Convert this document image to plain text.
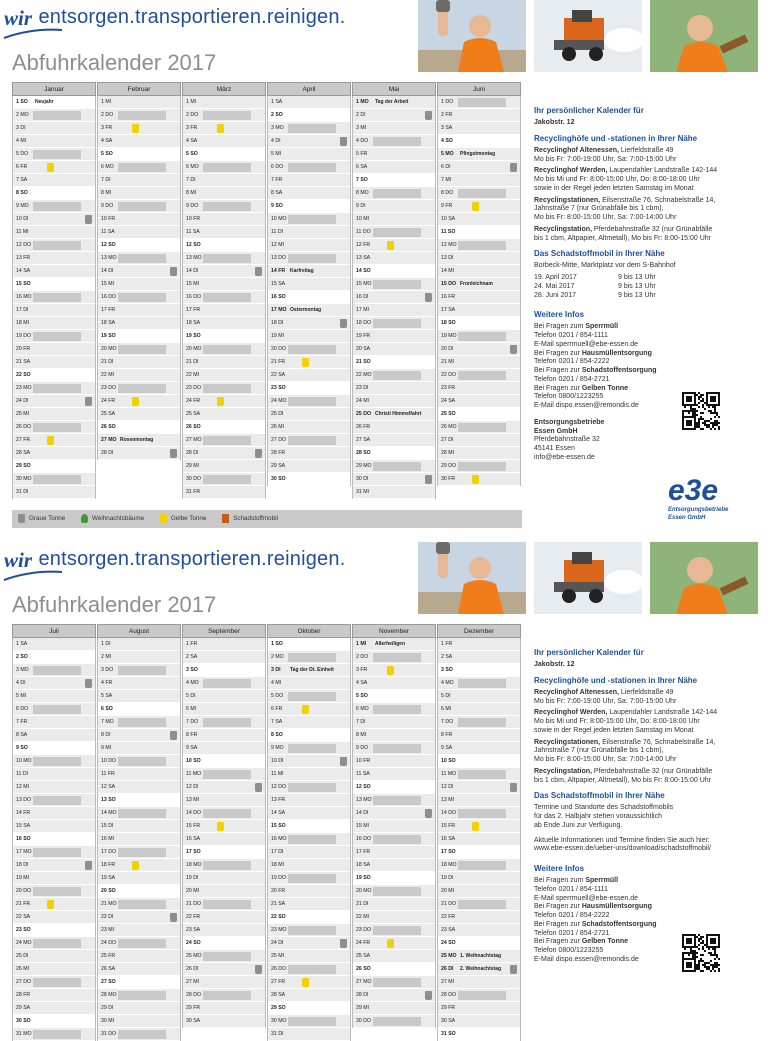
wir entsorgen.transportieren.reinigen.
Abfuhrkalender 2017
Januar
1 SO Neujahr
2 MO
3 DI
4 MI
5 DO
6 FR
7 SA
8 SO
9 MO
10 DI
11 MI
12 DO
13 FR
14 SA
15 SO
16 MO
17 DI
18 MI
19 DO
20 FR
21 SA
22 SO
23 MO
24 DI
25 MI
26 DO
27 FR
28 SA
29 SO
30 MO
31 DI
Februar
1 MI
2 DO
3 FR
4 SA
5 SO
6 MO
7 DI
8 MI
9 DO
10 FR
11 SA
12 SO
13 MO
14 DI
15 MI
16 DO
17 FR
18 SA
19 SO
20 MO
21 DI
22 MI
23 DO
24 FR
25 SA
26 SO
27 MO Rosenmontag
28 DI
März
1 MI
2 DO
3 FR
4 SA
5 SO
6 MO
7 DI
8 MI
9 DO
10 FR
11 SA
12 SO
13 MO
14 DI
15 MI
16 DO
17 FR
18 SA
19 SO
20 MO
21 DI
22 MI
23 DO
24 FR
25 SA
26 SO
27 MO
28 DI
29 MI
30 DO
31 FR
April
1 SA
2 SO
3 MO
4 DI
5 MI
6 DO
7 FR
8 SA
9 SO
10 MO
11 DI
12 MI
13 DO
14 FR Karfreitag
15 SA
16 SO
17 MO Ostermontag
18 DI
19 MI
20 DO
21 FR
22 SA
23 SO
24 MO
25 DI
26 MI
27 DO
28 FR
29 SA
30 SO
Mai
1 MO Tag der Arbeit
2 DI
3 MI
4 DO
5 FR
6 SA
7 SO
8 MO
9 DI
10 MI
11 DO
12 FR
13 SA
14 SO
15 MO
16 DI
17 MI
18 DO
19 FR
20 SA
21 SO
22 MO
23 DI
24 MI
25 DO Christi Himmelfahrt
26 FR
27 SA
28 SO
29 MO
30 DI
31 MI
Juni
1 DO
2 FR
3 SA
4 SO
5 MO Pfingstmontag
6 DI
7 MI
8 DO
9 FR
10 SA
11 SO
12 MO
13 DI
14 MI
15 DO Fronleichnam
16 FR
17 SA
18 SO
19 MO
20 DI
21 MI
22 DO
23 FR
24 SA
25 SO
26 MO
27 DI
28 MI
29 DO
30 FR
Graue Tonne	Weihnachtsbäume	Gelbe Tonne	Schadstoffmobil
Ihr persönlicher Kalender für

Jakobstr. 12

Recyclinghöfe und -stationen in Ihrer Nähe

Recyclinghof Altenessen, Lierfeldstraße 49
Mo bis Fr: 7:00-19:00 Uhr, Sa: 7:00-15:00 Uhr

Recyclinghof Werden, Laupendahler Landstraße 142-144
Mo bis Mi und Fr: 8:00-15:00 Uhr, Do: 8:00-18:00 Uhr
sowie in der Regel jeden letzten Samstag im Monat

Recyclingstationen, Eilsenstraße 76, Schnabelstraße 14,
Jahnstraße 7 (nur Grünabfälle bis 1 cbm),
Mo bis Fr: 8:00-15:00 Uhr, Sa: 7:00-14:00 Uhr

Recyclingstation, Pferdebahnstraße 32 (nur Grünabfälle
bis 1 cbm, Altpapier, Altmetall), Mo bis Fr: 8:00-15:00 Uhr

Das Schadstoffmobil in Ihrer Nähe

Borbeck-Mitte, Marktplatz vor dem S-Bahnhof

19. April 2017	9 bis 13 Uhr
24. Mai 2017	9 bis 13 Uhr
28. Juni 2017	9 bis 13 Uhr
Weitere Infos
Bei Fragen zum Sperrmüll
Telefon 0201 / 854-1111
E-Mail sperrmuell@ebe-essen.de
Bei Fragen zur Hausmüllentsorgung
Telefon 0201 / 854-2222
Bei Fragen zur Schadstoffentsorgung
Telefon 0201 / 854-2721
Bei Fragen zur Gelben Tonne
Telefon 0800/1223255
E-Mail dispo.essen@remondis.de
Entsorgungsbetriebe
Essen GmbH
Pferdebahnstraße 32
45141 Essen
info@ebe-essen.de
e3e
Entsorgungsbetriebe
Essen GmbH
wir entsorgen.transportieren.reinigen.
Abfuhrkalender 2017
Juli
1 SA
2 SO
3 MO
4 DI
5 MI
6 DO
7 FR
8 SA
9 SO
10 MO
11 DI
12 MI
13 DO
14 FR
15 SA
16 SO
17 MO
18 DI
19 MI
20 DO
21 FR
22 SA
23 SO
24 MO
25 DI
26 MI
27 DO
28 FR
29 SA
30 SO
31 MO
August
1 DI
2 MI
3 DO
4 FR
5 SA
6 SO
7 MO
8 DI
9 MI
10 DO
11 FR
12 SA
13 SO
14 MO
15 DI
16 MI
17 DO
18 FR
19 SA
20 SO
21 MO
22 DI
23 MI
24 DO
25 FR
26 SA
27 SO
28 MO
29 DI
30 MI
31 DO
September
1 FR
2 SA
3 SO
4 MO
5 DI
6 MI
7 DO
8 FR
9 SA
10 SO
11 MO
12 DI
13 MI
14 DO
15 FR
16 SA
17 SO
18 MO
19 DI
20 MI
21 DO
22 FR
23 SA
24 SO
25 MO
26 DI
27 MI
28 DO
29 FR
30 SA
Oktober
1 SO
2 MO
3 DI Tag der Dt. Einheit
4 MI
5 DO
6 FR
7 SA
8 SO
9 MO
10 DI
11 MI
12 DO
13 FR
14 SA
15 SO
16 MO
17 DI
18 MI
19 DO
20 FR
21 SA
22 SO
23 MO
24 DI
25 MI
26 DO
27 FR
28 SA
29 SO
30 MO
31 DI
November
1 MI Allerheiligen
2 DO
3 FR
4 SA
5 SO
6 MO
7 DI
8 MI
9 DO
10 FR
11 SA
12 SO
13 MO
14 DI
15 MI
16 DO
17 FR
18 SA
19 SO
20 MO
21 DI
22 MI
23 DO
24 FR
25 SA
26 SO
27 MO
28 DI
29 MI
30 DO
Dezember
1 FR
2 SA
3 SO
4 MO
5 DI
6 MI
7 DO
8 FR
9 SA
10 SO
11 MO
12 DI
13 MI
14 DO
15 FR
16 SA
17 SO
18 MO
19 DI
20 MI
21 DO
22 FR
23 SA
24 SO
25 MO 1. Weihnachtstag
26 DI 2. Weihnachtstag
27 MI
28 DO
29 FR
30 SA
31 SO
Ihr persönlicher Kalender für

Jakobstr. 12

Recyclinghöfe und -stationen in Ihrer Nähe

Recyclinghof Altenessen, Lierfeldstraße 49
Mo bis Fr: 7:00-19:00 Uhr, Sa: 7:00-15:00 Uhr

Recyclinghof Werden, Laupendahler Landstraße 142-144
Mo bis Mi und Fr: 8:00-15:00 Uhr, Do: 8:00-18:00 Uhr
sowie in der Regel jeden letzten Samstag im Monat

Recyclingstationen, Eilsenstraße 76, Schnabelstraße 14,
Jahnstraße 7 (nur Grünabfälle bis 1 cbm),
Mo bis Fr: 8:00-15:00 Uhr, Sa: 7:00-14:00 Uhr

Recyclingstation, Pferdebahnstraße 32 (nur Grünabfälle
bis 1 cbm, Altpapier, Altmetall), Mo bis Fr: 8:00-15:00 Uhr

Das Schadstoffmobil in Ihrer Nähe

Termine und Standorte des Schadstoffmobils
für das 2. Halbjahr stehen voraussichtlich
ab Ende Juni zur Verfügung.

Aktuelle Informationen und Termine finden Sie auch hier:
www.ebe-essen.de/ueber-uns/download/schadstoffmobil/

Weitere Infos
Bei Fragen zum Sperrmüll
Telefon 0201 / 854-1111
E-Mail sperrmuell@ebe-essen.de
Bei Fragen zur Hausmüllentsorgung
Telefon 0201 / 854-2222
Bei Fragen zur Schadstoffentsorgung
Telefon 0201 / 854-2721
Bei Fragen zur Gelben Tonne
Telefon 0800/1223255
E-Mail dispo.essen@remondis.de
